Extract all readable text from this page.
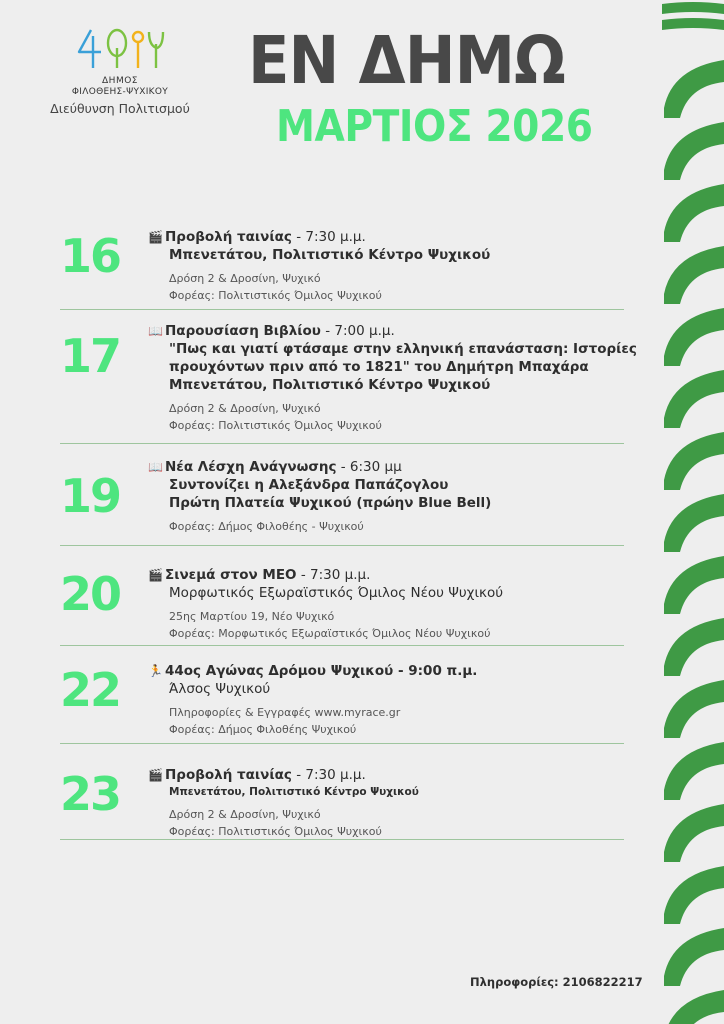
ΔΗΜΟΣ
ΦΙΛΟΘΕΗΣ-ΨΥΧΙΚΟΥ
Διεύθυνση Πολιτισμού
ΕΝ ΔΗΜΩ
ΜΑΡΤΙΟΣ 2026
16	🎬 Προβολή ταινίας - 7:30 μ.μ.
Μπενετάτου, Πολιτιστικό Κέντρο Ψυχικού
Δρόση 2 & Δροσίνη, Ψυχικό
Φορέας: Πολιτιστικός Όμιλος Ψυχικού
17	📖 Παρουσίαση Βιβλίου - 7:00 μ.μ.
"Πως και γιατί φτάσαμε στην ελληνική επανάσταση: Ιστορίες
προυχόντων πριν από το 1821" του Δημήτρη Μπαχάρα
Μπενετάτου, Πολιτιστικό Κέντρο Ψυχικού
Δρόση 2 & Δροσίνη, Ψυχικό
Φορέας: Πολιτιστικός Όμιλος Ψυχικού
19
📖 Νέα Λέσχη Ανάγνωσης - 6:30 μμ
Συντονίζει η Αλεξάνδρα Παπάζογλου
Πρώτη Πλατεία Ψυχικού (πρώην Blue Bell)
Φορέας: Δήμος Φιλοθέης - Ψυχικού
20	🎬 Σινεμά στον ΜΕΟ - 7:30 μ.μ.
Μορφωτικός Εξωραϊστικός Όμιλος Νέου Ψυχικού
25ης Μαρτίου 19, Νέο Ψυχικό
Φορέας: Μορφωτικός Εξωραϊστικός Όμιλος Νέου Ψυχικού
22	🏃 44ος Αγώνας Δρόμου Ψυχικού - 9:00 π.μ.
Άλσος Ψυχικού
Πληροφορίες & Εγγραφές www.myrace.gr
Φορέας: Δήμος Φιλοθέης Ψυχικού
23	🎬 Προβολή ταινίας - 7:30 μ.μ.
Μπενετάτου, Πολιτιστικό Κέντρο Ψυχικού
Δρόση 2 & Δροσίνη, Ψυχικό
Φορέας: Πολιτιστικός Όμιλος Ψυχικού
Πληροφορίες: 2106822217
